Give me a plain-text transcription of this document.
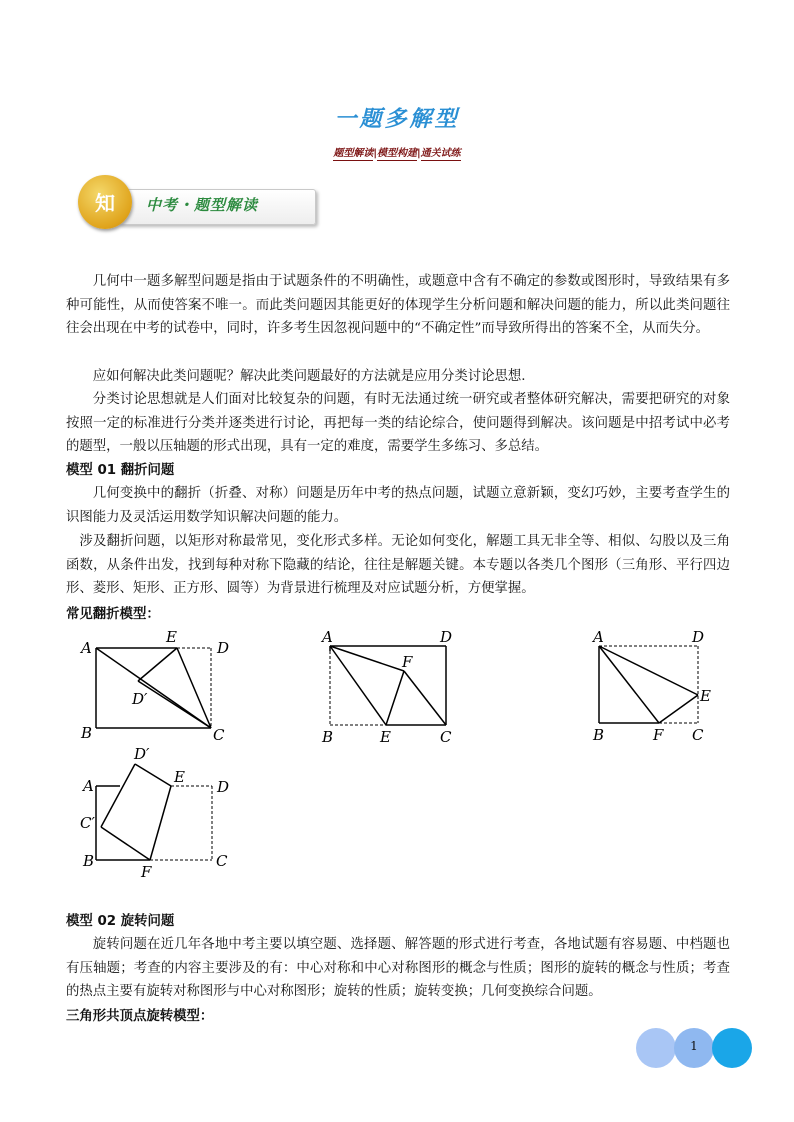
一题多解型
题型解读|模型构建|通关试练
知	中考・题型解读
几何中一题多解型问题是指由于试题条件的不明确性，或题意中含有不确定的参数或图形时，导致结果有多种可能性，从而使答案不唯一。而此类问题因其能更好的体现学生分析问题和解决问题的能力，所以此类问题往往会出现在中考的试卷中，同时，许多考生因忽视问题中的“不确定性”而导致所得出的答案不全，从而失分。
应如何解决此类问题呢？解决此类问题最好的方法就是应用分类讨论思想.
分类讨论思想就是人们面对比较复杂的问题，有时无法通过统一研究或者整体研究解决，需要把研究的对象按照一定的标准进行分类并逐类进行讨论，再把每一类的结论综合，使问题得到解决。该问题是中招考试中必考的题型，一般以压轴题的形式出现，具有一定的难度，需要学生多练习、多总结。
模型 01 翻折问题
几何变换中的翻折（折叠、对称）问题是历年中考的热点问题，试题立意新颖，变幻巧妙，主要考查学生的识图能力及灵活运用数学知识解决问题的能力。
涉及翻折问题，以矩形对称最常见，变化形式多样。无论如何变化，解题工具无非全等、相似、勾股以及三角函数，从条件出发，找到每种对称下隐藏的结论，往往是解题关键。本专题以各类几个图形（三角形、平行四边形、菱形、矩形、正方形、圆等）为背景进行梳理及对应试题分析，方便掌握。
常见翻折模型：
A
E
D
D′
B	C
A	D
F
B	E	C
A	D
E
B	F C
D′
A	E
D
C′
B
F
C
模型 02 旋转问题
旋转问题在近几年各地中考主要以填空题、选择题、解答题的形式进行考查，各地试题有容易题、中档题也有压轴题；考查的内容主要涉及的有：中心对称和中心对称图形的概念与性质；图形的旋转的概念与性质；考查的热点主要有旋转对称图形与中心对称图形；旋转的性质；旋转变换；几何变换综合问题。
三角形共顶点旋转模型：
1
